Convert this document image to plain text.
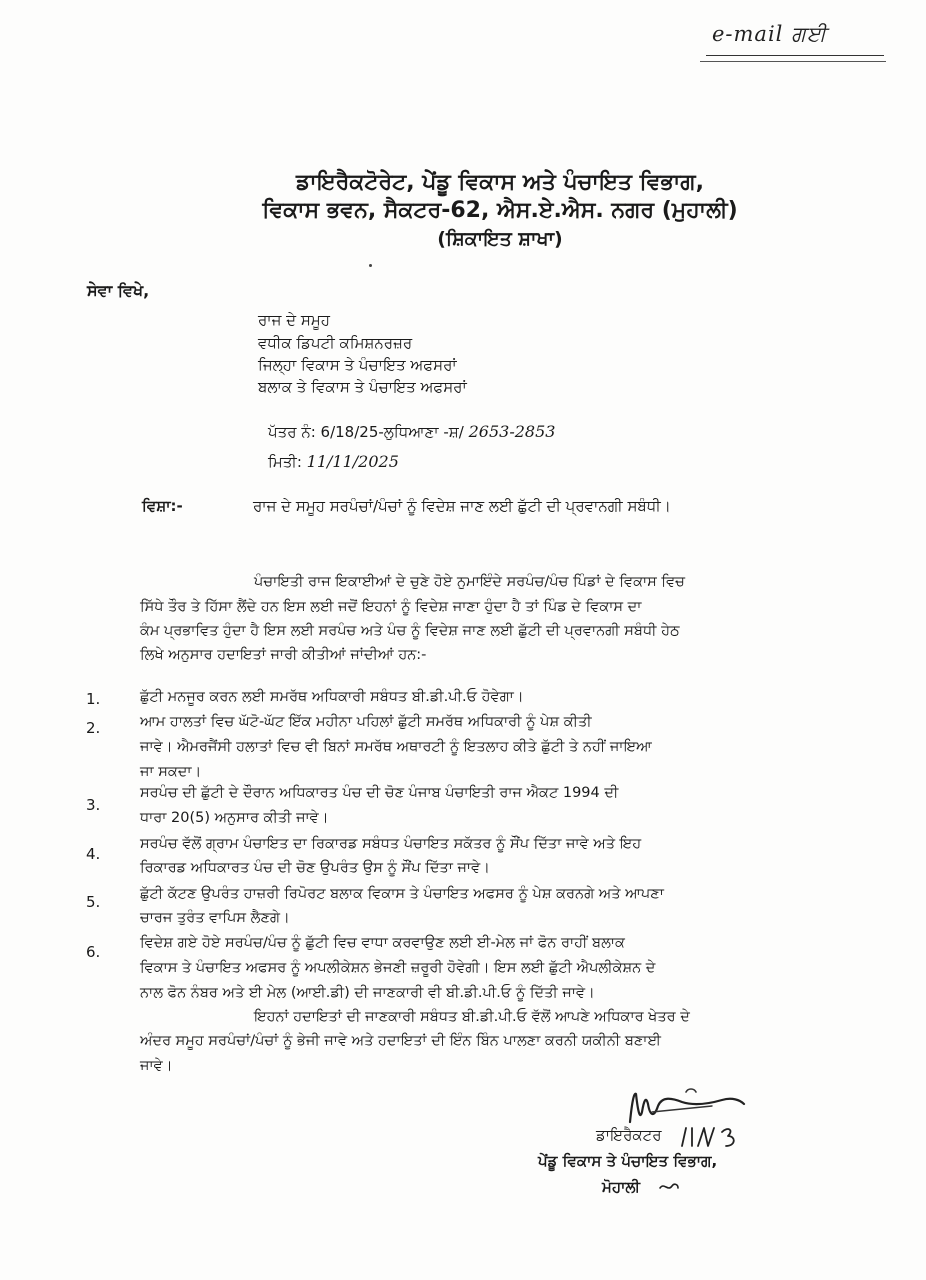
e-mail ਗਈ
ਡਾਇਰੈਕਟੋਰੇਟ, ਪੇਂਡੂ ਵਿਕਾਸ ਅਤੇ ਪੰਚਾਇਤ ਵਿਭਾਗ,
ਵਿਕਾਸ ਭਵਨ, ਸੈਕਟਰ-62, ਐਸ.ਏ.ਐਸ. ਨਗਰ (ਮੁਹਾਲੀ)
(ਸ਼ਿਕਾਇਤ ਸ਼ਾਖਾ)
ਸੇਵਾ ਵਿਖੇ,
ਰਾਜ ਦੇ ਸਮੂਹ
ਵਧੀਕ ਡਿਪਟੀ ਕਮਿਸ਼ਨਰਜ਼ਰ
ਜਿਲ੍ਹਾ ਵਿਕਾਸ ਤੇ ਪੰਚਾਇਤ ਅਫਸਰਾਂ
ਬਲਾਕ ਤੇ ਵਿਕਾਸ ਤੇ ਪੰਚਾਇਤ ਅਫਸਰਾਂ
ਪੱਤਰ ਨੰ: 6/18/25-ਲੁਧਿਆਣਾ -ਸ਼/ 2653-2853
ਮਿਤੀ: 11/11/2025
ਵਿਸ਼ਾ:-	ਰਾਜ ਦੇ ਸਮੂਹ ਸਰਪੰਚਾਂ/ਪੰਚਾਂ ਨੂੰ ਵਿਦੇਸ਼ ਜਾਣ ਲਈ ਛੁੱਟੀ ਦੀ ਪ੍ਰਵਾਨਗੀ ਸਬੰਧੀ।
ਪੰਚਾਇਤੀ ਰਾਜ ਇਕਾਈਆਂ ਦੇ ਚੁਣੇ ਹੋਏ ਨੁਮਾਇੰਦੇ ਸਰਪੰਚ/ਪੰਚ ਪਿੰਡਾਂ ਦੇ ਵਿਕਾਸ ਵਿਚ
ਸਿੱਧੇ ਤੌਰ ਤੇ ਹਿੱਸਾ ਲੈਂਦੇ ਹਨ ਇਸ ਲਈ ਜਦੋਂ ਇਹਨਾਂ ਨੂੰ ਵਿਦੇਸ਼ ਜਾਣਾ ਹੁੰਦਾ ਹੈ ਤਾਂ ਪਿੰਡ ਦੇ ਵਿਕਾਸ ਦਾ
ਕੰਮ ਪ੍ਰਭਾਵਿਤ ਹੁੰਦਾ ਹੈ ਇਸ ਲਈ ਸਰਪੰਚ ਅਤੇ ਪੰਚ ਨੂੰ ਵਿਦੇਸ਼ ਜਾਣ ਲਈ ਛੁੱਟੀ ਦੀ ਪ੍ਰਵਾਨਗੀ ਸਬੰਧੀ ਹੇਠ
ਲਿਖੇ ਅਨੁਸਾਰ ਹਦਾਇਤਾਂ ਜਾਰੀ ਕੀਤੀਆਂ ਜਾਂਦੀਆਂ ਹਨ:-
1.	ਛੁੱਟੀ ਮਨਜੂਰ ਕਰਨ ਲਈ ਸਮਰੱਥ ਅਧਿਕਾਰੀ ਸਬੰਧਤ ਬੀ.ਡੀ.ਪੀ.ਓ ਹੋਵੇਗਾ।
2.	ਆਮ ਹਾਲਤਾਂ ਵਿਚ ਘੱਟੋ-ਘੱਟ ਇੱਕ ਮਹੀਨਾ ਪਹਿਲਾਂ ਛੁੱਟੀ ਸਮਰੱਥ ਅਧਿਕਾਰੀ ਨੂੰ ਪੇਸ਼ ਕੀਤੀ
ਜਾਵੇ। ਐਮਰਜੈਂਸੀ ਹਲਾਤਾਂ ਵਿਚ ਵੀ ਬਿਨਾਂ ਸਮਰੱਥ ਅਥਾਰਟੀ ਨੂੰ ਇਤਲਾਹ ਕੀਤੇ ਛੁੱਟੀ ਤੇ ਨਹੀਂ ਜਾਇਆ
ਜਾ ਸਕਦਾ।
3.
ਸਰਪੰਚ ਦੀ ਛੁੱਟੀ ਦੇ ਦੌਰਾਨ ਅਧਿਕਾਰਤ ਪੰਚ ਦੀ ਚੋਣ ਪੰਜਾਬ ਪੰਚਾਇਤੀ ਰਾਜ ਐਕਟ 1994 ਦੀ
ਧਾਰਾ 20(5) ਅਨੁਸਾਰ ਕੀਤੀ ਜਾਵੇ।
4.
ਸਰਪੰਚ ਵੱਲੋਂ ਗ੍ਰਾਮ ਪੰਚਾਇਤ ਦਾ ਰਿਕਾਰਡ ਸਬੰਧਤ ਪੰਚਾਇਤ ਸਕੱਤਰ ਨੂੰ ਸੌਂਪ ਦਿੱਤਾ ਜਾਵੇ ਅਤੇ ਇਹ
ਰਿਕਾਰਡ ਅਧਿਕਾਰਤ ਪੰਚ ਦੀ ਚੋਣ ਉਪਰੰਤ ਉਸ ਨੂੰ ਸੌਂਪ ਦਿੱਤਾ ਜਾਵੇ।
5.	ਛੁੱਟੀ ਕੱਟਣ ਉਪਰੰਤ ਹਾਜ਼ਰੀ ਰਿਪੋਰਟ ਬਲਾਕ ਵਿਕਾਸ ਤੇ ਪੰਚਾਇਤ ਅਫਸਰ ਨੂੰ ਪੇਸ਼ ਕਰਨਗੇ ਅਤੇ ਆਪਣਾ
ਚਾਰਜ ਤੁਰੰਤ ਵਾਪਿਸ ਲੈਣਗੇ।
6.	ਵਿਦੇਸ਼ ਗਏ ਹੋਏ ਸਰਪੰਚ/ਪੰਚ ਨੂੰ ਛੁੱਟੀ ਵਿਚ ਵਾਧਾ ਕਰਵਾਉਣ ਲਈ ਈ-ਮੇਲ ਜਾਂ ਫੋਨ ਰਾਹੀਂ ਬਲਾਕ
ਵਿਕਾਸ ਤੇ ਪੰਚਾਇਤ ਅਫਸਰ ਨੂੰ ਅਪਲੀਕੇਸ਼ਨ ਭੇਜਣੀ ਜ਼ਰੂਰੀ ਹੋਵੇਗੀ। ਇਸ ਲਈ ਛੁੱਟੀ ਐਪਲੀਕੇਸ਼ਨ ਦੇ
ਨਾਲ ਫੋਨ ਨੰਬਰ ਅਤੇ ਈ ਮੇਲ (ਆਈ.ਡੀ) ਦੀ ਜਾਣਕਾਰੀ ਵੀ ਬੀ.ਡੀ.ਪੀ.ਓ ਨੂੰ ਦਿੱਤੀ ਜਾਵੇ।
ਇਹਨਾਂ ਹਦਾਇਤਾਂ ਦੀ ਜਾਣਕਾਰੀ ਸਬੰਧਤ ਬੀ.ਡੀ.ਪੀ.ਓ ਵੱਲੋਂ ਆਪਣੇ ਅਧਿਕਾਰ ਖੇਤਰ ਦੇ
ਅੰਦਰ ਸਮੂਹ ਸਰਪੰਚਾਂ/ਪੰਚਾਂ ਨੂੰ ਭੇਜੀ ਜਾਵੇ ਅਤੇ ਹਦਾਇਤਾਂ ਦੀ ਇੰਨ ਬਿੰਨ ਪਾਲਣਾ ਕਰਨੀ ਯਕੀਨੀ ਬਣਾਈ
ਜਾਵੇ।
ਡਾਇਰੈਕਟਰ
ਪੇਂਡੂ ਵਿਕਾਸ ਤੇ ਪੰਚਾਇਤ ਵਿਭਾਗ,
ਮੋਹਾਲੀ
